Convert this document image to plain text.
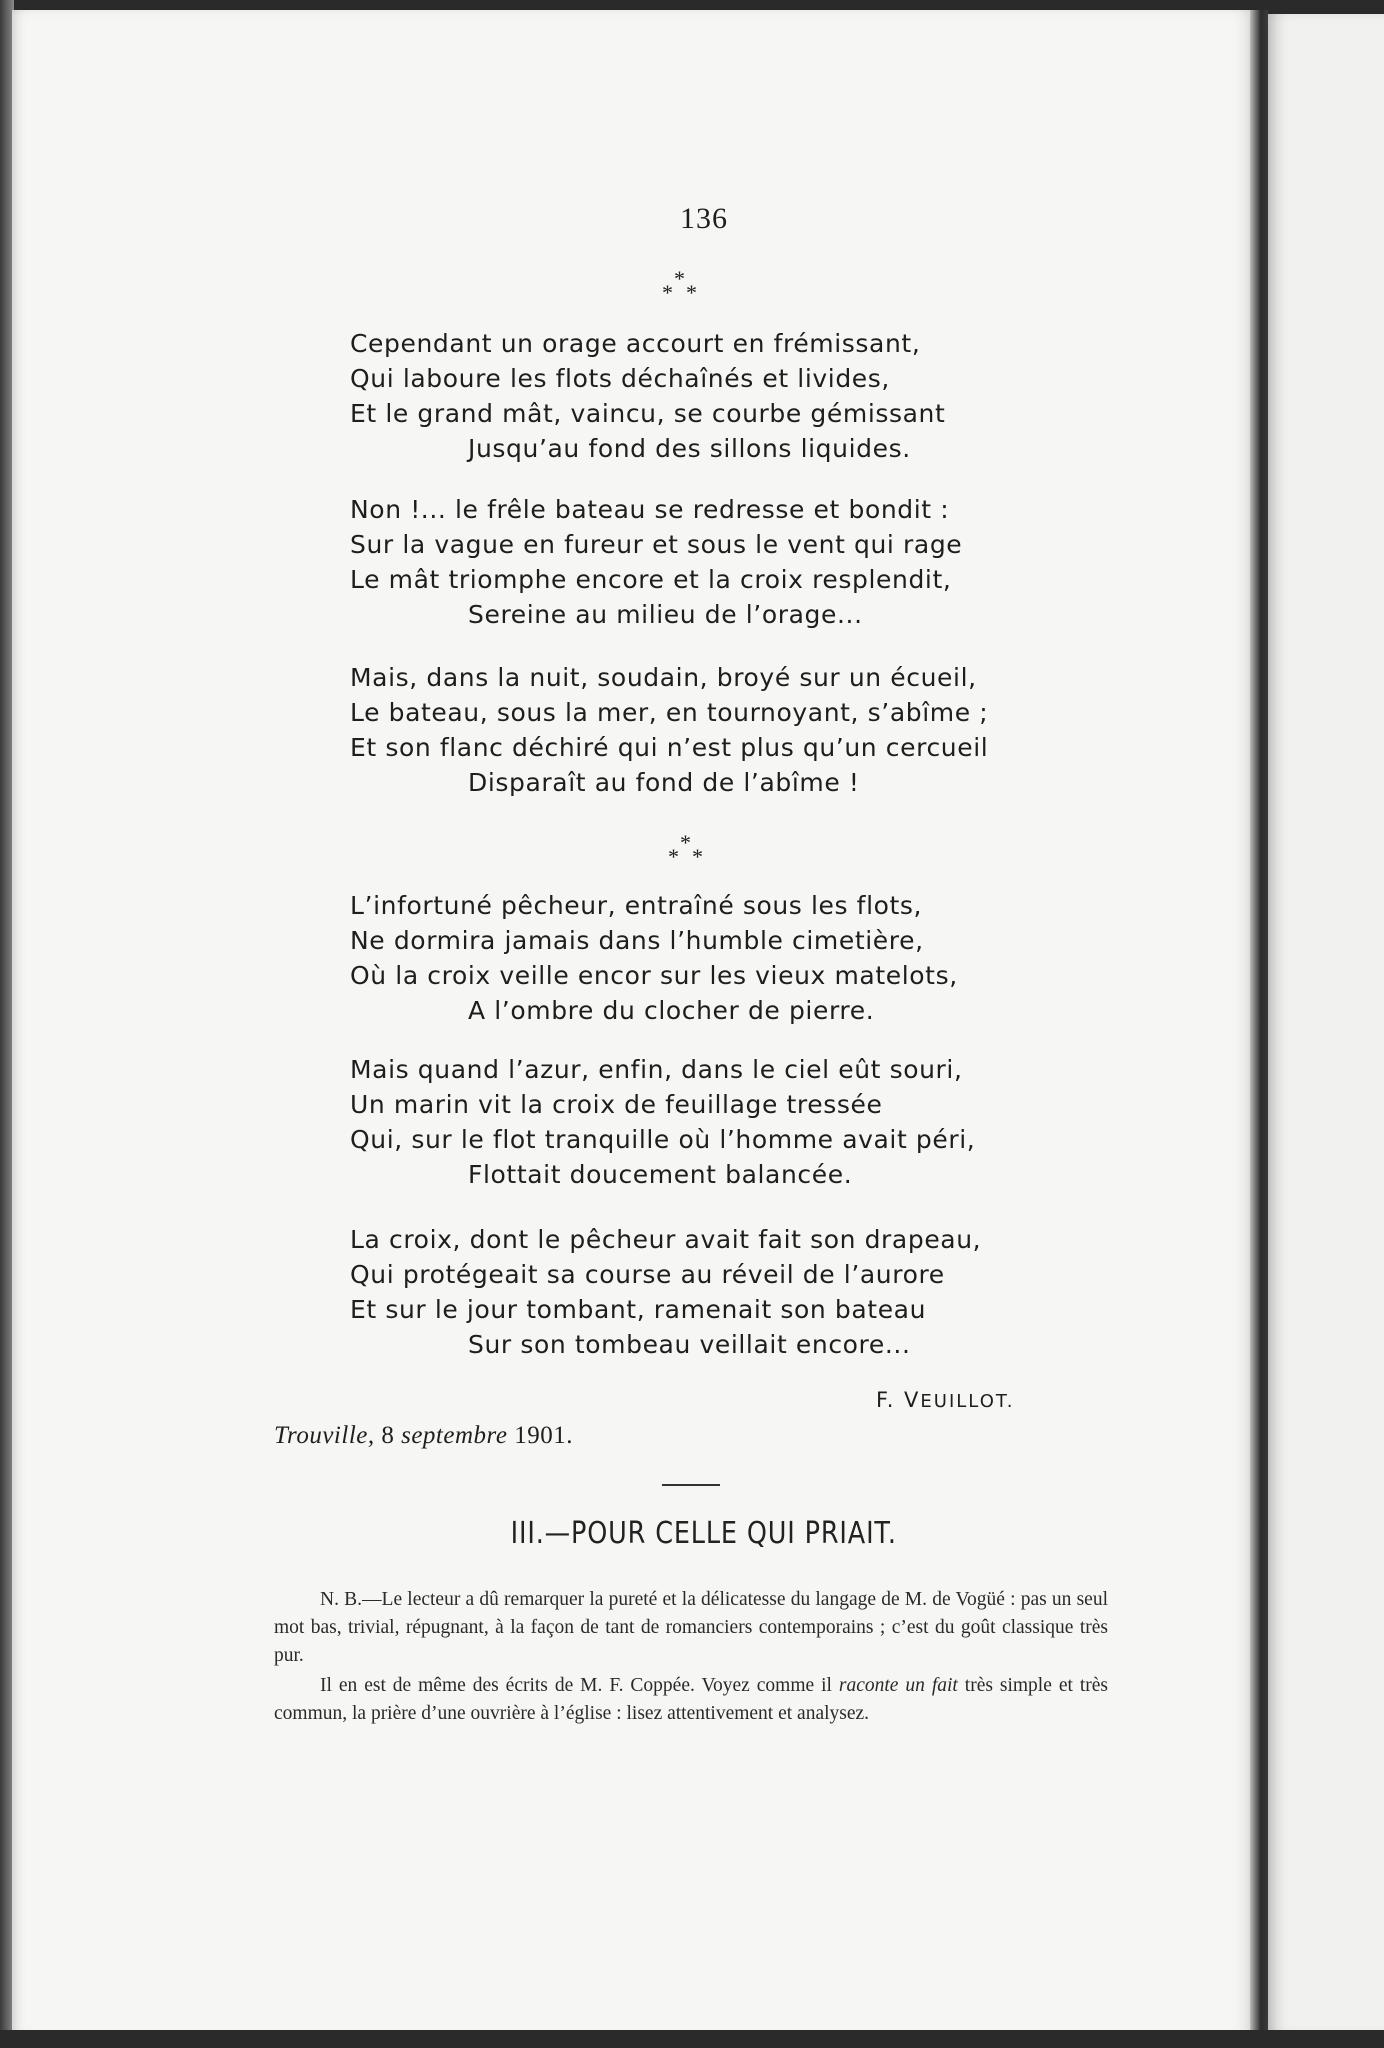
136
*
* *
Cependant un orage accourt en frémissant,
Qui laboure les flots déchaînés et livides,
Et le grand mât, vaincu, se courbe gémissant
Jusqu’au fond des sillons liquides.
Non !... le frêle bateau se redresse et bondit :
Sur la vague en fureur et sous le vent qui rage
Le mât triomphe encore et la croix resplendit,
Sereine au milieu de l’orage...
Mais, dans la nuit, soudain, broyé sur un écueil,
Le bateau, sous la mer, en tournoyant, s’abîme ;
Et son flanc déchiré qui n’est plus qu’un cercueil
Disparaît au fond de l’abîme !
*
* *
L’infortuné pêcheur, entraîné sous les flots,
Ne dormira jamais dans l’humble cimetière,
Où la croix veille encor sur les vieux matelots,
A l’ombre du clocher de pierre.
Mais quand l’azur, enfin, dans le ciel eût souri,
Un marin vit la croix de feuillage tressée
Qui, sur le flot tranquille où l’homme avait péri,
Flottait doucement balancée.
La croix, dont le pêcheur avait fait son drapeau,
Qui protégeait sa course au réveil de l’aurore
Et sur le jour tombant, ramenait son bateau
Sur son tombeau veillait encore...
F. VEUILLOT.
Trouville, 8 septembre 1901.
III.—POUR CELLE QUI PRIAIT.

N. B.—Le lecteur a dû remarquer la pureté et la délicatesse du langage de M. de Vogüé : pas un seul mot bas, trivial, répugnant, à la façon de tant de romanciers contemporains ; c’est du goût classique très pur.

Il en est de même des écrits de M. F. Coppée. Voyez comme il raconte un fait très simple et très commun, la prière d’une ouvrière à l’église : lisez attentivement et analysez.
